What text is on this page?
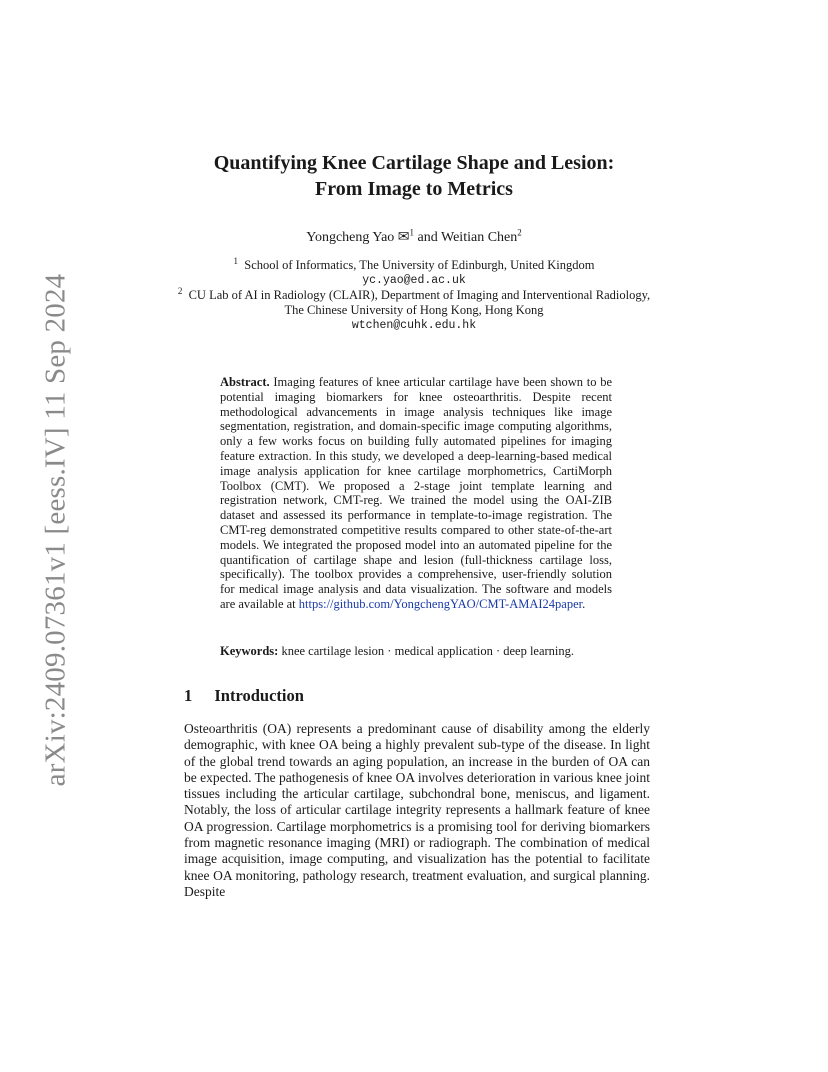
arXiv:2409.07361v1 [eess.IV] 11 Sep 2024
Quantifying Knee Cartilage Shape and Lesion:
From Image to Metrics
Yongcheng Yao ✉$^1$ and Weitian Chen$^2$
$^1$ School of Informatics, The University of Edinburgh, United Kingdom
yc.yao@ed.ac.uk
$^2$ CU Lab of AI in Radiology (CLAIR), Department of Imaging and Interventional Radiology, The Chinese University of Hong Kong, Hong Kong
wtchen@cuhk.edu.hk
Abstract. Imaging features of knee articular cartilage have been shown to be potential imaging biomarkers for knee osteoarthritis. Despite recent methodological advancements in image analysis techniques like image segmentation, registration, and domain-specific image computing algorithms, only a few works focus on building fully automated pipelines for imaging feature extraction. In this study, we developed a deep-learning-based medical image analysis application for knee cartilage morphometrics, CartiMorph Toolbox (CMT). We proposed a 2-stage joint template learning and registration network, CMT-reg. We trained the model using the OAI-ZIB dataset and assessed its performance in template-to-image registration. The CMT-reg demonstrated competitive results compared to other state-of-the-art models. We integrated the proposed model into an automated pipeline for the quantification of cartilage shape and lesion (full-thickness cartilage loss, specifically). The toolbox provides a comprehensive, user-friendly solution for medical image analysis and data visualization. The software and models are available at https://github.com/YongchengYAO/CMT-AMAI24paper.
Keywords: knee cartilage lesion · medical application · deep learning.
1 Introduction
Osteoarthritis (OA) represents a predominant cause of disability among the elderly demographic, with knee OA being a highly prevalent sub-type of the disease. In light of the global trend towards an aging population, an increase in the burden of OA can be expected. The pathogenesis of knee OA involves deterioration in various knee joint tissues including the articular cartilage, subchondral bone, meniscus, and ligament. Notably, the loss of articular cartilage integrity represents a hallmark feature of knee OA progression. Cartilage morphometrics is a promising tool for deriving biomarkers from magnetic resonance imaging (MRI) or radiograph. The combination of medical image acquisition, image computing, and visualization has the potential to facilitate knee OA monitoring, pathology research, treatment evaluation, and surgical planning. Despite
